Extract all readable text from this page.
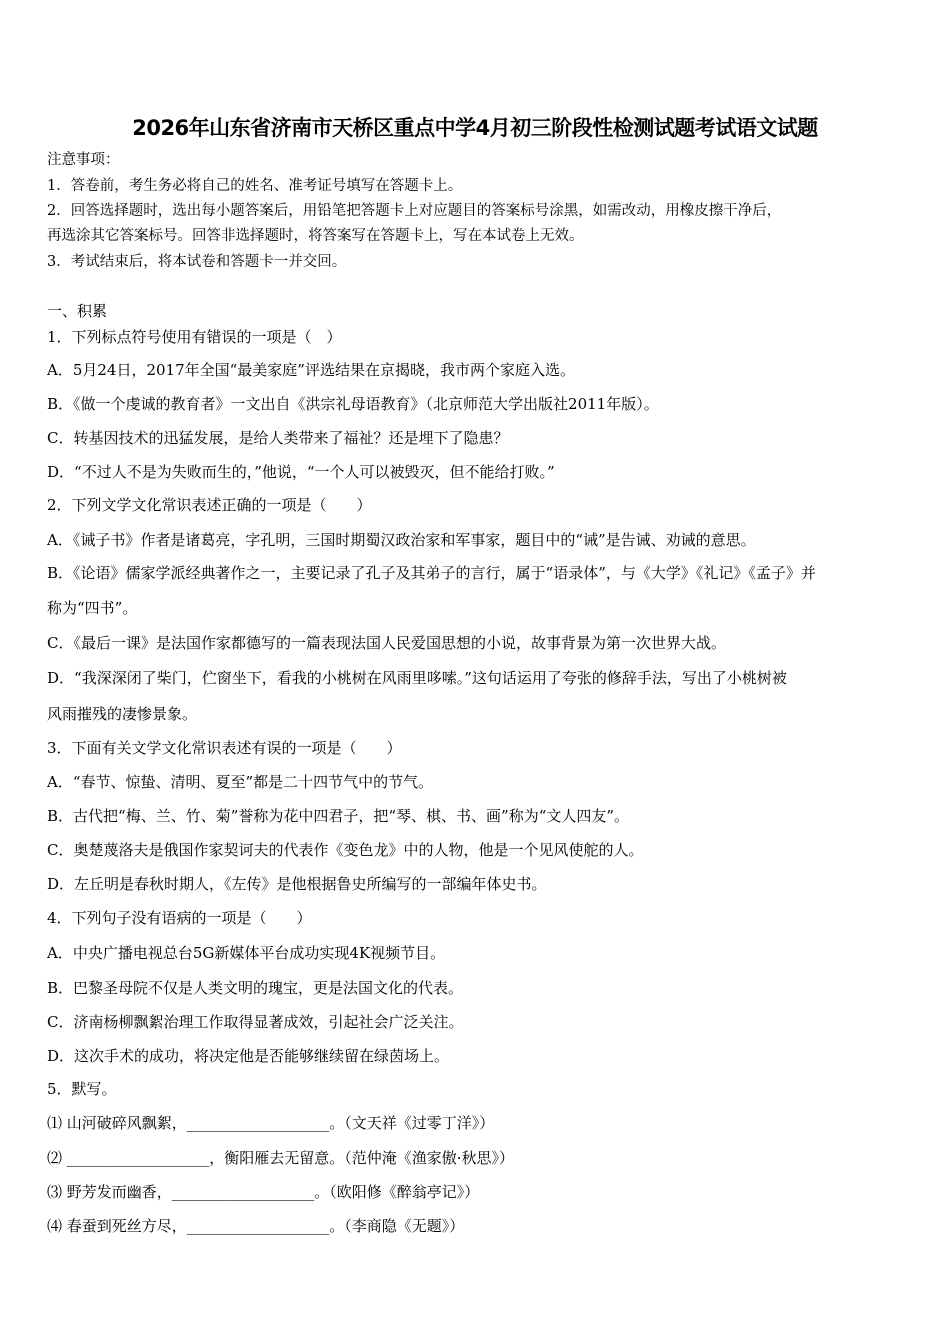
2026年山东省济南市天桥区重点中学4月初三阶段性检测试题考试语文试题
注意事项：
1．答卷前，考生务必将自己的姓名、准考证号填写在答题卡上。
2．回答选择题时，选出每小题答案后，用铅笔把答题卡上对应题目的答案标号涂黑，如需改动，用橡皮擦干净后，
再选涂其它答案标号。回答非选择题时，将答案写在答题卡上，写在本试卷上无效。
3．考试结束后，将本试卷和答题卡一并交回。
一、积累
1．下列标点符号使用有错误的一项是（　）
A．5月24日，2017年全国“最美家庭”评选结果在京揭晓，我市两个家庭入选。
B．《做一个虔诚的教育者》一文出自《洪宗礼母语教育》（北京师范大学出版社2011年版）。
C．转基因技术的迅猛发展，是给人类带来了福祉？还是埋下了隐患？
D．“不过人不是为失败而生的，”他说，“一个人可以被毁灭，但不能给打败。”
2．下列文学文化常识表述正确的一项是（　　）
A．《诫子书》作者是诸葛亮，字孔明，三国时期蜀汉政治家和军事家，题目中的“诫”是告诫、劝诫的意思。
B．《论语》儒家学派经典著作之一，主要记录了孔子及其弟子的言行，属于“语录体”，与《大学》《礼记》《孟子》并
称为“四书”。
C．《最后一课》是法国作家都德写的一篇表现法国人民爱国思想的小说，故事背景为第一次世界大战。
D．“我深深闭了柴门，伫窗坐下，看我的小桃树在风雨里哆嗦。”这句话运用了夸张的修辞手法，写出了小桃树被
风雨摧残的凄惨景象。
3．下面有关文学文化常识表述有误的一项是（　　）
A．“春节、惊蛰、清明、夏至”都是二十四节气中的节气。
B．古代把“梅、兰、竹、菊”誉称为花中四君子，把“琴、棋、书、画”称为“文人四友”。
C．奥楚蔑洛夫是俄国作家契诃夫的代表作《变色龙》中的人物，他是一个见风使舵的人。
D．左丘明是春秋时期人，《左传》是他根据鲁史所编写的一部编年体史书。
4．下列句子没有语病的一项是（　　）
A．中央广播电视总台5G新媒体平台成功实现4K视频节目。
B．巴黎圣母院不仅是人类文明的瑰宝，更是法国文化的代表。
C．济南杨柳飘絮治理工作取得显著成效，引起社会广泛关注。
D．这次手术的成功，将决定他是否能够继续留在绿茵场上。
5．默写。
⑴ 山河破碎风飘絮，___________________。（文天祥《过零丁洋》）
⑵ ___________________，衡阳雁去无留意。（范仲淹《渔家傲·秋思》）
⑶ 野芳发而幽香，___________________。（欧阳修《醉翁亭记》）
⑷ 春蚕到死丝方尽，___________________。（李商隐《无题》）
